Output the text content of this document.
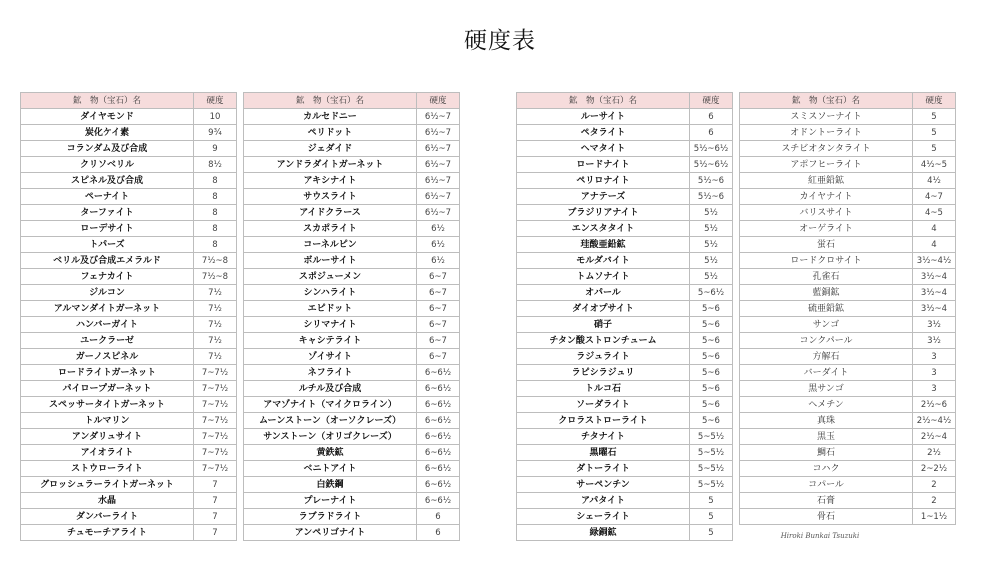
硬度表
鉱　物（宝石）名	硬度
ダイヤモンド	10
炭化ケイ素	9¾
コランダム及び合成	9
クリソベリル	8½
スピネル及び合成	8
ペーナイト	8
ターファイト	8
ローデサイト	8
トパーズ	8
ベリル及び合成エメラルド	7½~8
フェナカイト	7½~8
ジルコン	7½
アルマンダイトガーネット	7½
ハンバーガイト	7½
ユークラーゼ	7½
ガーノスピネル	7½
ロードライトガーネット	7~7½
パイロープガーネット	7~7½
スペッサータイトガーネット	7~7½
トルマリン	7~7½
アンダリュサイト	7~7½
アイオライト	7~7½
ストウローライト	7~7½
グロッシュラーライトガーネット	7
水晶	7
ダンバーライト	7
チュモーチアライト	7
鉱　物（宝石）名	硬度
カルセドニー	6½~7
ペリドット	6½~7
ジェダイド	6½~7
アンドラダイトガーネット	6½~7
アキシナイト	6½~7
サウスライト	6½~7
アイドクラース	6½~7
スカポライト	6½
コーネルピン	6½
ボルーサイト	6½
スポジューメン	6~7
シンハライト	6~7
エピドット	6~7
シリマナイト	6~7
キャシテライト	6~7
ゾイサイト	6~7
ネフライト	6~6½
ルチル及び合成	6~6½
アマゾナイト（マイクロライン）	6~6½
ムーンストーン（オーソクレーズ）	6~6½
サンストーン（オリゴクレーズ）	6~6½
黄鉄鉱	6~6½
ベニトアイト	6~6½
白鉄鋼	6~6½
プレーナイト	6~6½
ラブラドライト	6
アンペリゴナイト	6
鉱　物（宝石）名	硬度
ルーサイト	6
ペタライト	6
ヘマタイト	5½~6½
ロードナイト	5½~6½
ペリロナイト	5½~6
アナテーズ	5½~6
ブラジリアナイト	5½
エンスタタイト	5½
珪酸亜鉛鉱	5½
モルダバイト	5½
トムソナイト	5½
オパール	5~6½
ダイオプサイト	5~6
硝子	5~6
チタン酸ストロンチューム	5~6
ラジュライト	5~6
ラピシラジュリ	5~6
トルコ石	5~6
ソーダライト	5~6
クロラストローライト	5~6
チタナイト	5~5½
黒曜石	5~5½
ダトーライト	5~5½
サーペンチン	5~5½
アパタイト	5
シェーライト	5
緑銅鉱	5
鉱　物（宝石）名	硬度
スミスソーナイト	5
オドントーライト	5
スチビオタンタライト	5
アポフヒーライト	4½~5
紅亜鉛鉱	4½
カイヤナイト	4~7
バリスサイト	4~5
オーゲライト	4
蛍石	4
ロードクロサイト	3½~4½
孔雀石	3½~4
藍銅鉱	3½~4
硫亜鉛鉱	3½~4
サンゴ	3½
コンクパール	3½
方解石	3
バーダイト	3
黒サンゴ	3
ヘメチン	2½~6
真珠	2½~4½
黒玉	2½~4
鯛石	2½
コハク	2~2½
コパール	2
石膏	2
骨石	1~1½
Hiroki Bunkai Tsuzuki
